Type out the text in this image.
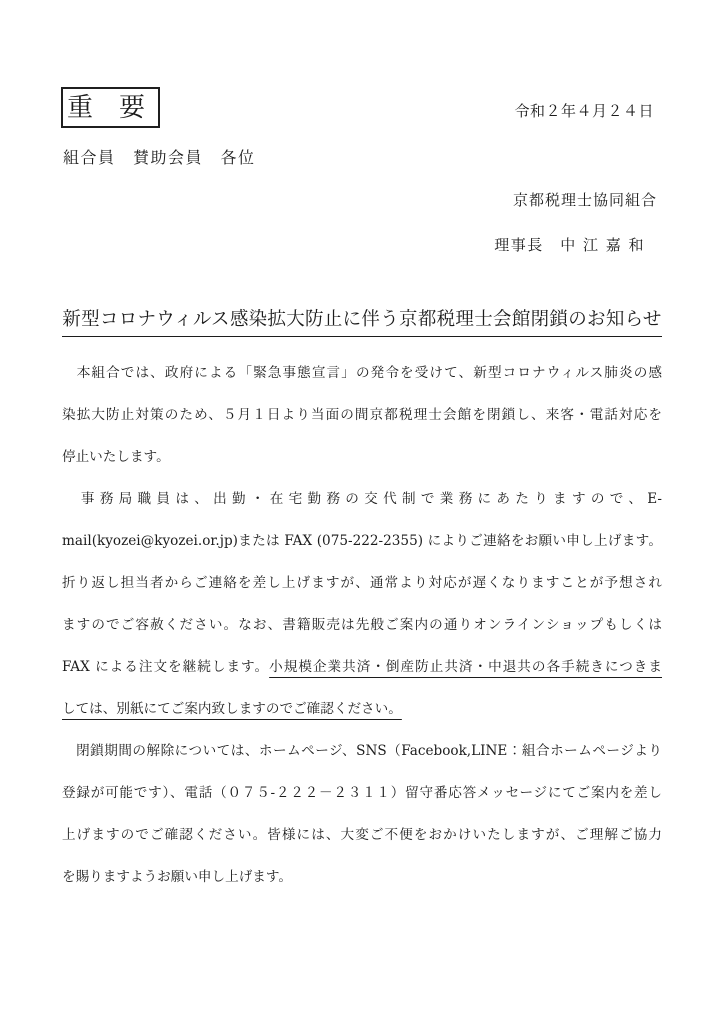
重　要	令和２年４月２４日
組合員　賛助会員　各位
京都税理士協同組合
理事長　中 江 嘉 和
新型コロナウィルス感染拡大防止に伴う京都税理士会館閉鎖のお知らせ
　本組合では、政府による「緊急事態宣言」の発令を受けて、新型コロナウィルス肺炎の感
染拡大防止対策のため、５月１日より当面の間京都税理士会館を閉鎖し、来客・電話対応を
停止いたします。
　事務局職員は、出勤・在宅勤務の交代制で業務にあたりますので、E-
mail(kyozei@kyozei.or.jp)または FAX (075-222-2355) によりご連絡をお願い申し上げます。
折り返し担当者からご連絡を差し上げますが、通常より対応が遅くなりますことが予想され
ますのでご容赦ください。なお、書籍販売は先般ご案内の通りオンラインショップもしくは
FAX による注文を継続します。小規模企業共済・倒産防止共済・中退共の各手続きにつきま
しては、別紙にてご案内致しますのでご確認ください。
　閉鎖期間の解除については、ホームページ、SNS（Facebook,LINE：組合ホームページより
登録が可能です）、電話（０７５-２２２－２３１１）留守番応答メッセージにてご案内を差し
上げますのでご確認ください。皆様には、大変ご不便をおかけいたしますが、ご理解ご協力
を賜りますようお願い申し上げます。
